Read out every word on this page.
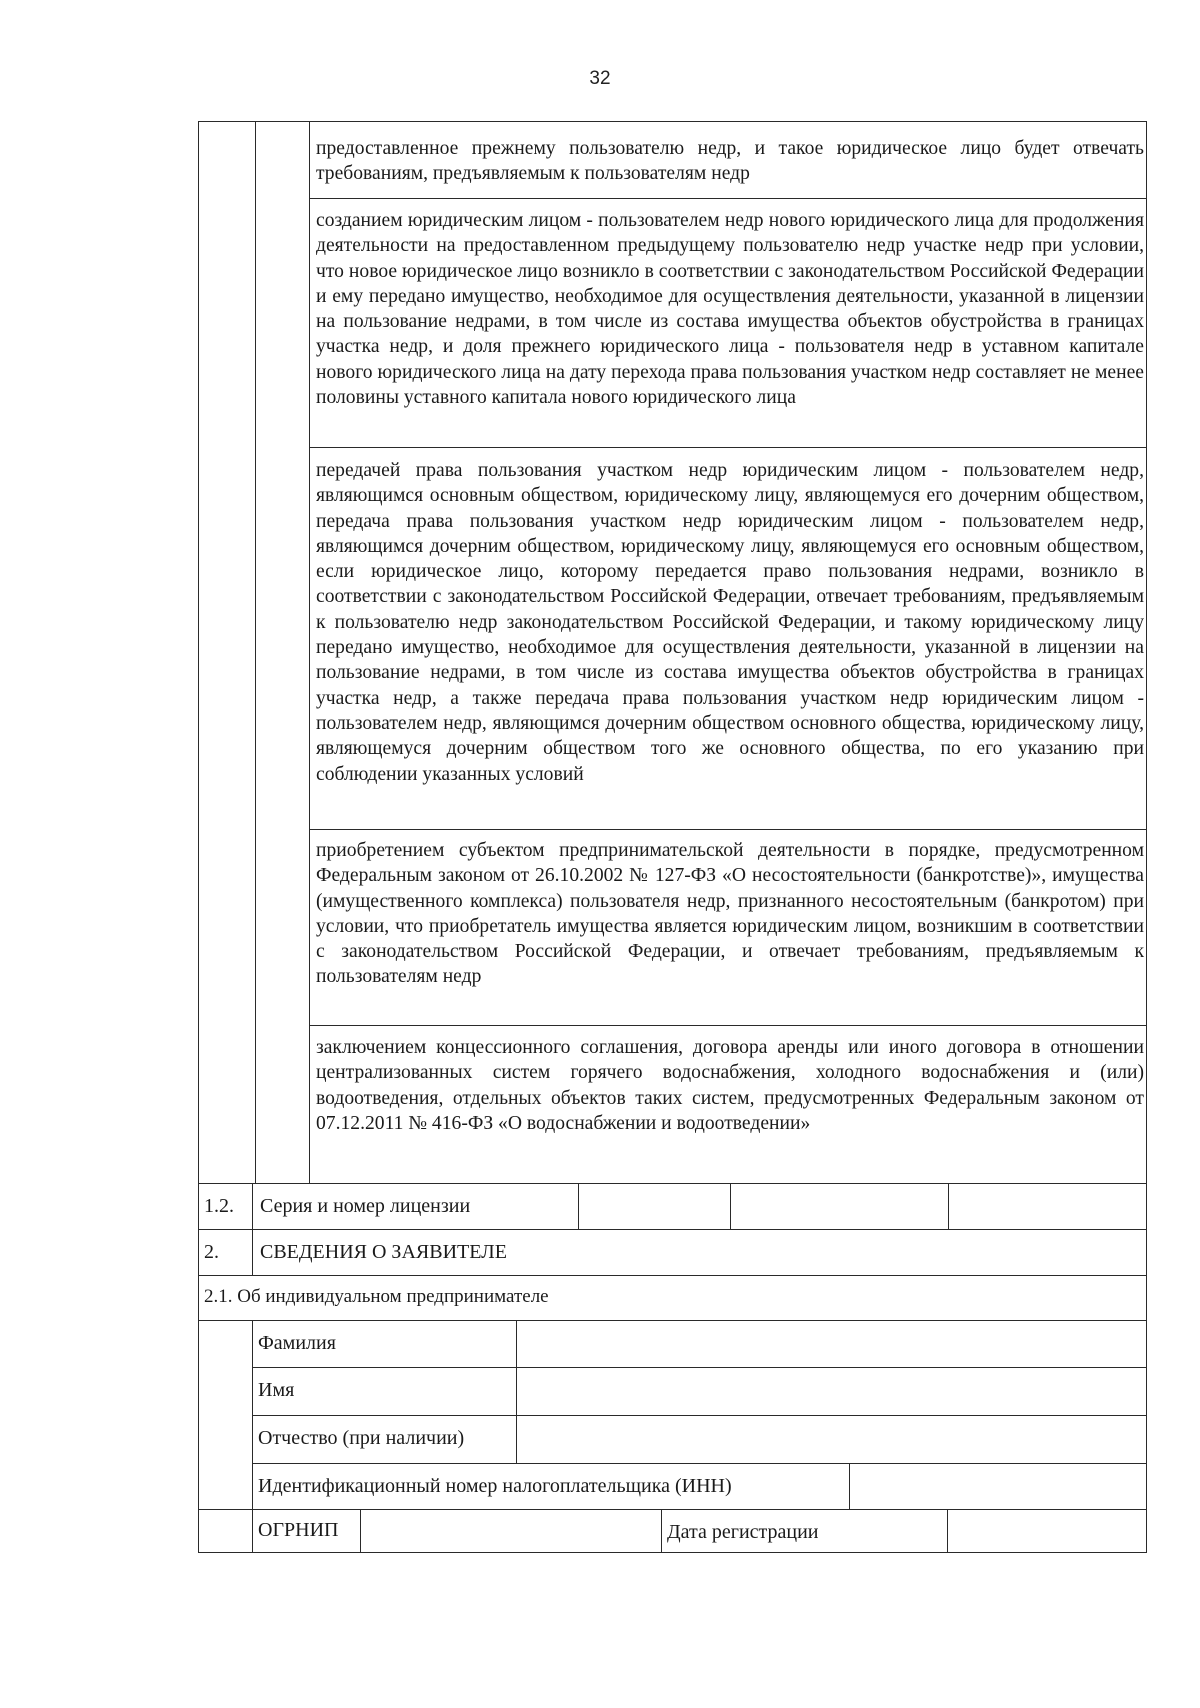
32

предоставленное прежнему пользователю недр, и такое юридическое лицо будет отвечать требованиям, предъявляемым к пользователям недр

созданием юридическим лицом - пользователем недр нового юридического лица для продолжения деятельности на предоставленном предыдущему пользователю недр участке недр при условии, что новое юридическое лицо возникло в соответствии с законодательством Российской Федерации и ему передано имущество, необходимое для осуществления деятельности, указанной в лицензии на пользование недрами, в том числе из состава имущества объектов обустройства в границах участка недр, и доля прежнего юридического лица - пользователя недр в уставном капитале нового юридического лица на дату перехода права пользования участком недр составляет не менее половины уставного капитала нового юридического лица

передачей права пользования участком недр юридическим лицом - пользователем недр, являющимся основным обществом, юридическому лицу, являющемуся его дочерним обществом, передача права пользования участком недр юридическим лицом - пользователем недр, являющимся дочерним обществом, юридическому лицу, являющемуся его основным обществом, если юридическое лицо, которому передается право пользования недрами, возникло в соответствии с законодательством Российской Федерации, отвечает требованиям, предъявляемым к пользователю недр законодательством Российской Федерации, и такому юридическому лицу передано имущество, необходимое для осуществления деятельности, указанной в лицензии на пользование недрами, в том числе из состава имущества объектов обустройства в границах участка недр, а также передача права пользования участком недр юридическим лицом - пользователем недр, являющимся дочерним обществом основного общества, юридическому лицу, являющемуся дочерним обществом того же основного общества, по его указанию при соблюдении указанных условий

приобретением субъектом предпринимательской деятельности в порядке, предусмотренном Федеральным законом от 26.10.2002 № 127-ФЗ «О несостоятельности (банкротстве)», имущества (имущественного комплекса) пользователя недр, признанного несостоятельным (банкротом) при условии, что приобретатель имущества является юридическим лицом, возникшим в соответствии с законодательством Российской Федерации, и отвечает требованиям, предъявляемым к пользователям недр

заключением концессионного соглашения, договора аренды или иного договора в отношении централизованных систем горячего водоснабжения, холодного водоснабжения и (или) водоотведения, отдельных объектов таких систем, предусмотренных Федеральным законом от 07.12.2011 № 416-ФЗ «О водоснабжении и водоотведении»

1.2. Серия и номер лицензии
2. СВЕДЕНИЯ О ЗАЯВИТЕЛЕ
2.1. Об индивидуальном предпринимателе
Фамилия
Имя
Отчество (при наличии)
Идентификационный номер налогоплательщика (ИНН)
ОГРНИП	Дата регистрации
